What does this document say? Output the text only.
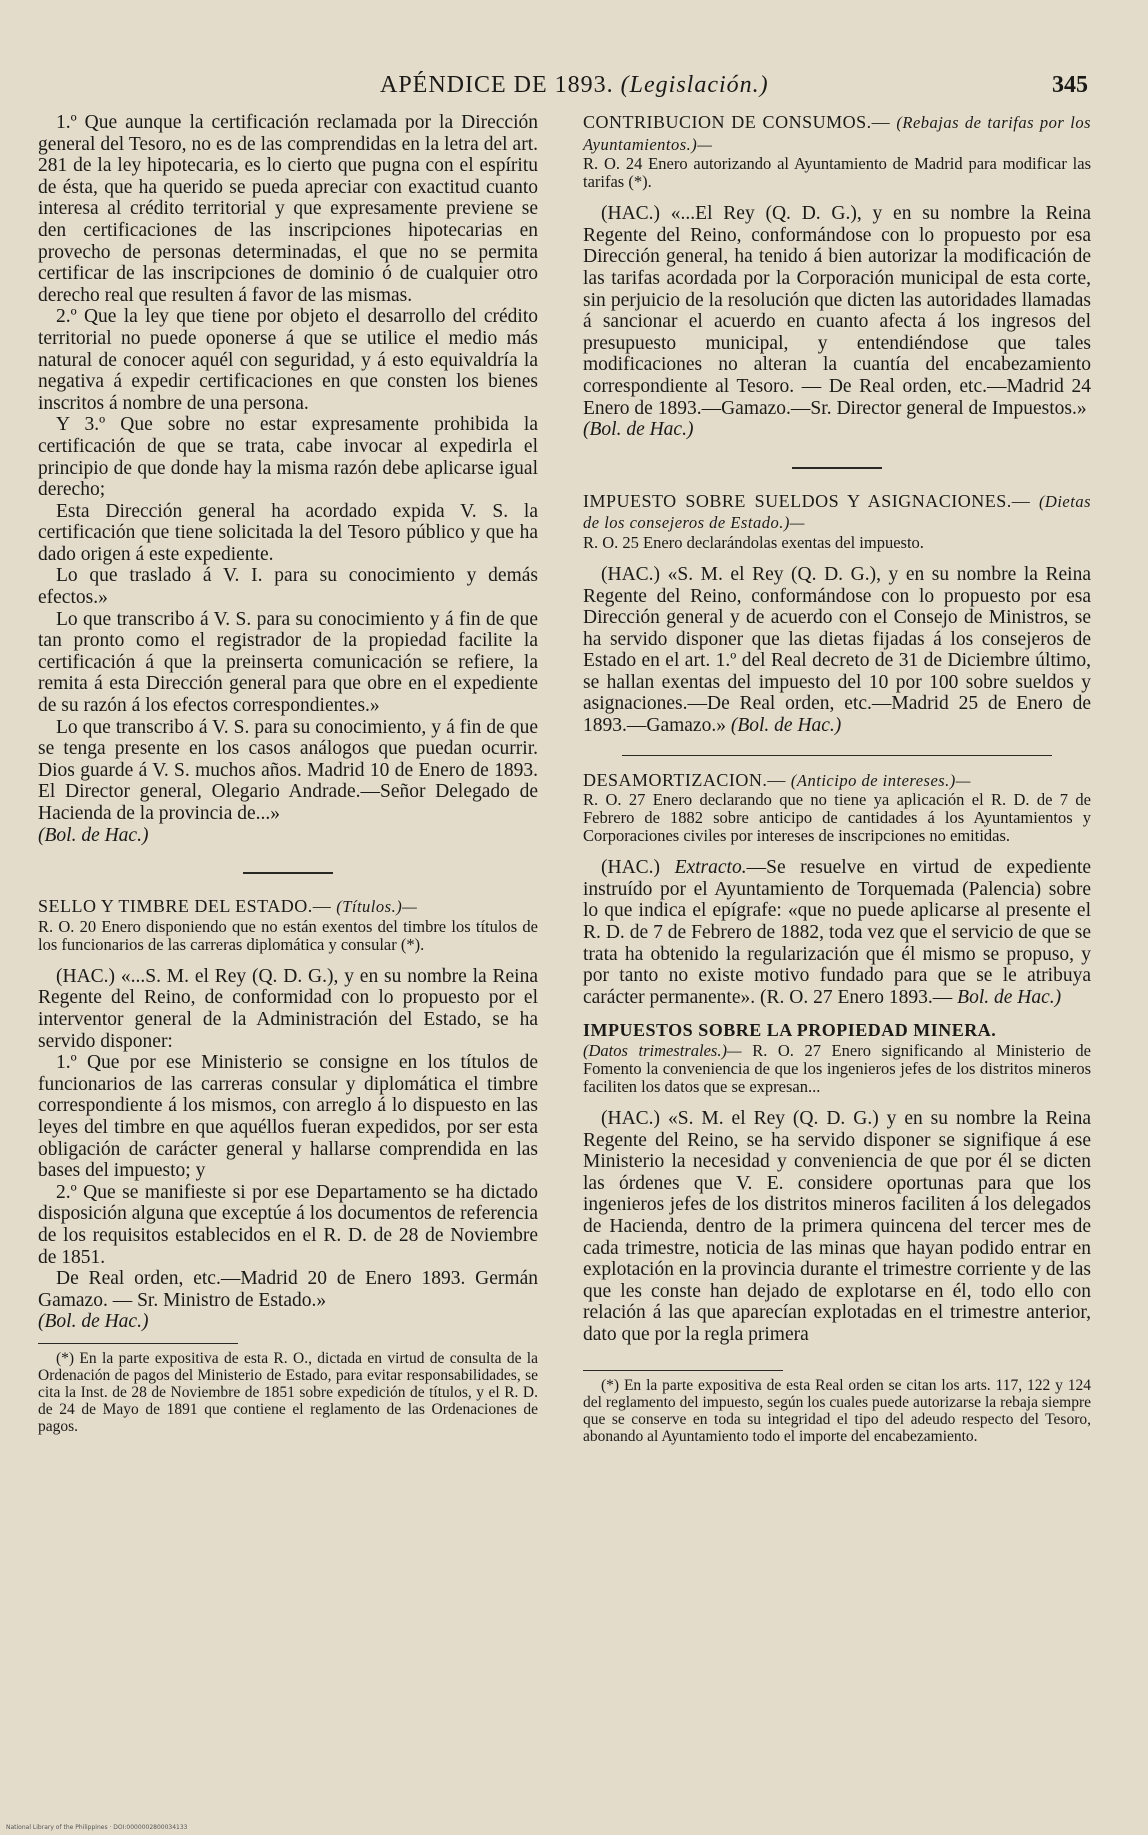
APÉNDICE DE 1893. (Legislación.)	345

1.º Que aunque la certificación reclamada por la Dirección general del Tesoro, no es de las comprendidas en la letra del art. 281 de la ley hipotecaria, es lo cierto que pugna con el espíritu de ésta, que ha querido se pueda apreciar con exactitud cuanto interesa al crédito territorial y que expresamente previene se den certificaciones de las inscripciones hipotecarias en provecho de personas determinadas, el que no se permita certificar de las inscripciones de dominio ó de cualquier otro derecho real que resulten á favor de las mismas.

2.º Que la ley que tiene por objeto el desarrollo del crédito territorial no puede oponerse á que se utilice el medio más natural de conocer aquél con seguridad, y á esto equivaldría la negativa á expedir certificaciones en que consten los bienes inscritos á nombre de una persona.

Y 3.º Que sobre no estar expresamente prohibida la certificación de que se trata, cabe invocar al expedirla el principio de que donde hay la misma razón debe aplicarse igual derecho;

Esta Dirección general ha acordado expida V. S. la certificación que tiene solicitada la del Tesoro público y que ha dado origen á este expediente.

Lo que traslado á V. I. para su conocimiento y demás efectos.»

Lo que transcribo á V. S. para su conocimiento y á fin de que tan pronto como el registrador de la propiedad facilite la certificación á que la preinserta comunicación se refiere, la remita á esta Dirección general para que obre en el expediente de su razón á los efectos correspondientes.»

Lo que transcribo á V. S. para su conocimiento, y á fin de que se tenga presente en los casos análogos que puedan ocurrir. Dios guarde á V. S. muchos años. Madrid 10 de Enero de 1893. El Director general, Olegario Andrade.—Señor Delegado de Hacienda de la provincia de...»

(Bol. de Hac.)

SELLO Y TIMBRE DEL ESTADO.— (Títulos.)—

R. O. 20 Enero disponiendo que no están exentos del timbre los títulos de los funcionarios de las carreras diplomática y consular (*).

(HAC.) «...S. M. el Rey (Q. D. G.), y en su nombre la Reina Regente del Reino, de conformidad con lo propuesto por el interventor general de la Administración del Estado, se ha servido disponer:

1.º Que por ese Ministerio se consigne en los títulos de funcionarios de las carreras consular y diplomática el timbre correspondiente á los mismos, con arreglo á lo dispuesto en las leyes del timbre en que aquéllos fueran expedidos, por ser esta obligación de carácter general y hallarse comprendida en las bases del impuesto; y

2.º Que se manifieste si por ese Departamento se ha dictado disposición alguna que exceptúe á los documentos de referencia de los requisitos establecidos en el R. D. de 28 de Noviembre de 1851.

De Real orden, etc.—Madrid 20 de Enero 1893. Germán Gamazo. — Sr. Ministro de Estado.»

(Bol. de Hac.)

(*) En la parte expositiva de esta R. O., dictada en virtud de consulta de la Ordenación de pagos del Ministerio de Estado, para evitar responsabilidades, se cita la Inst. de 28 de Noviembre de 1851 sobre expedición de títulos, y el R. D. de 24 de Mayo de 1891 que contiene el reglamento de las Ordenaciones de pagos.

CONTRIBUCION DE CONSUMOS.— (Rebajas de tarifas por los Ayuntamientos.)—

R. O. 24 Enero autorizando al Ayuntamiento de Madrid para modificar las tarifas (*).

(HAC.) «...El Rey (Q. D. G.), y en su nombre la Reina Regente del Reino, conformándose con lo propuesto por esa Dirección general, ha tenido á bien autorizar la modificación de las tarifas acordada por la Corporación municipal de esta corte, sin perjuicio de la resolución que dicten las autoridades llamadas á sancionar el acuerdo en cuanto afecta á los ingresos del presupuesto municipal, y entendiéndose que tales modificaciones no alteran la cuantía del encabezamiento correspondiente al Tesoro. — De Real orden, etc.—Madrid 24 Enero de 1893.—Gamazo.—Sr. Director general de Impuestos.»

(Bol. de Hac.)

IMPUESTO SOBRE SUELDOS Y ASIGNACIONES.— (Dietas de los consejeros de Estado.)—

R. O. 25 Enero declarándolas exentas del impuesto.

(HAC.) «S. M. el Rey (Q. D. G.), y en su nombre la Reina Regente del Reino, conformándose con lo propuesto por esa Dirección general y de acuerdo con el Consejo de Ministros, se ha servido disponer que las dietas fijadas á los consejeros de Estado en el art. 1.º del Real decreto de 31 de Diciembre último, se hallan exentas del impuesto del 10 por 100 sobre sueldos y asignaciones.—De Real orden, etc.—Madrid 25 de Enero de 1893.—Gamazo.» (Bol. de Hac.)

DESAMORTIZACION.— (Anticipo de intereses.)—

R. O. 27 Enero declarando que no tiene ya aplicación el R. D. de 7 de Febrero de 1882 sobre anticipo de cantidades á los Ayuntamientos y Corporaciones civiles por intereses de inscripciones no emitidas.

(HAC.) Extracto.—Se resuelve en virtud de expediente instruído por el Ayuntamiento de Torquemada (Palencia) sobre lo que indica el epígrafe: «que no puede aplicarse al presente el R. D. de 7 de Febrero de 1882, toda vez que el servicio de que se trata ha obtenido la regularización que él mismo se propuso, y por tanto no existe motivo fundado para que se le atribuya carácter permanente». (R. O. 27 Enero 1893.— Bol. de Hac.)

IMPUESTOS SOBRE LA PROPIEDAD MINERA.

(Datos trimestrales.)— R. O. 27 Enero significando al Ministerio de Fomento la conveniencia de que los ingenieros jefes de los distritos mineros faciliten los datos que se expresan...

(HAC.) «S. M. el Rey (Q. D. G.) y en su nombre la Reina Regente del Reino, se ha servido disponer se signifique á ese Ministerio la necesidad y conveniencia de que por él se dicten las órdenes que V. E. considere oportunas para que los ingenieros jefes de los distritos mineros faciliten á los delegados de Hacienda, dentro de la primera quincena del tercer mes de cada trimestre, noticia de las minas que hayan podido entrar en explotación en la provincia durante el trimestre corriente y de las que les conste han dejado de explotarse en él, todo ello con relación á las que aparecían explotadas en el trimestre anterior, dato que por la regla primera

(*) En la parte expositiva de esta Real orden se citan los arts. 117, 122 y 124 del reglamento del impuesto, según los cuales puede autorizarse la rebaja siempre que se conserve en toda su integridad el tipo del adeudo respecto del Tesoro, abonando al Ayuntamiento todo el importe del encabezamiento.

National Library of the Philippines · DOI:0000002800034133
